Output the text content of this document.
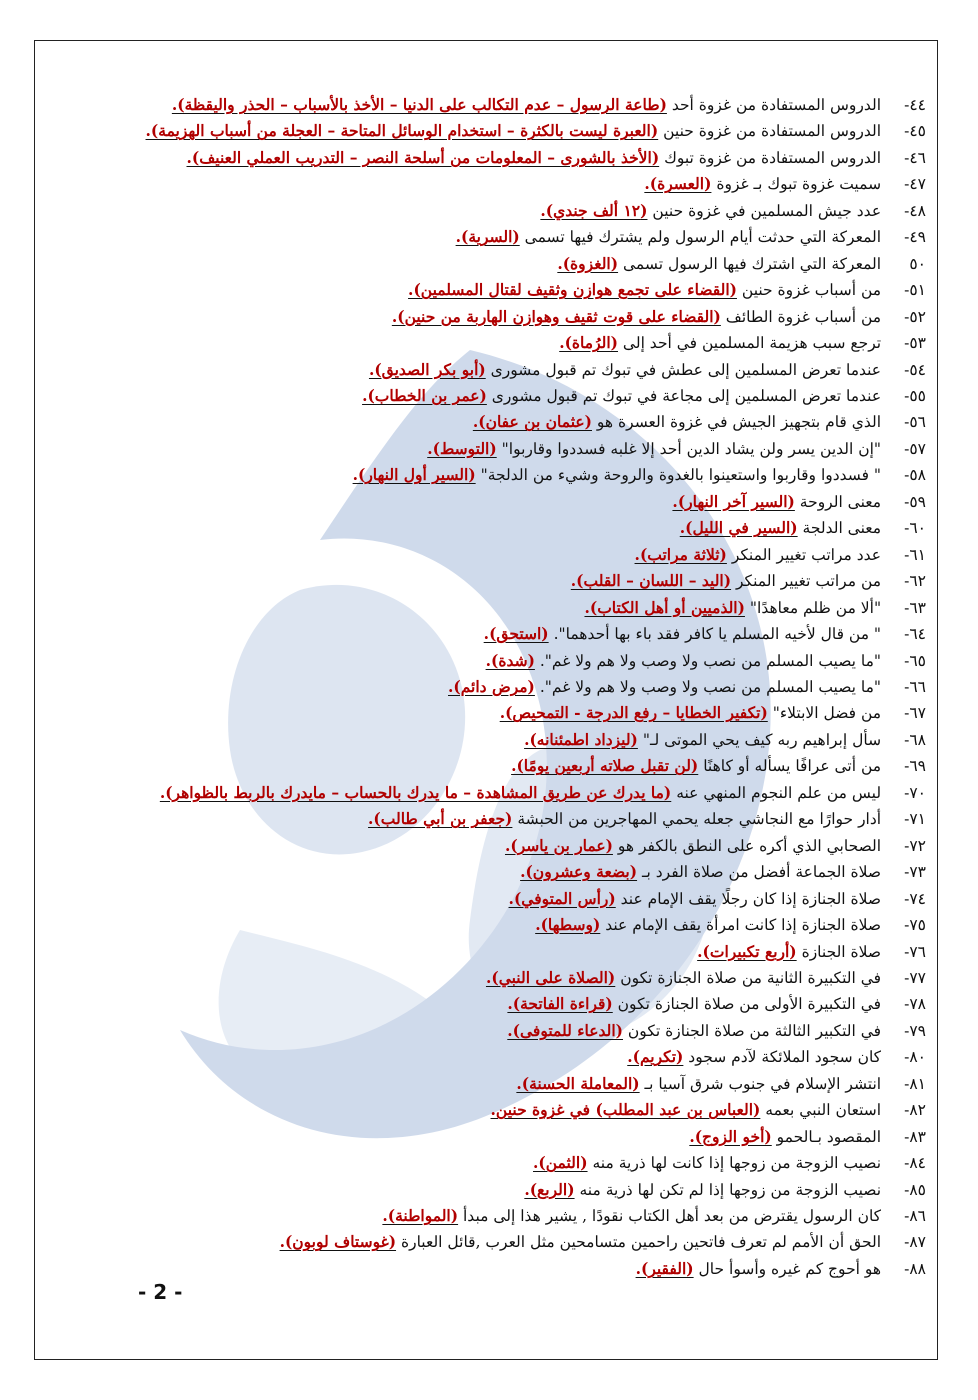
٤٤- الدروس المستفادة من غزوة أحد (طاعة الرسول – عدم التكالب على الدنيا – الأخذ بالأسباب – الحذر واليقظة).
٤٥- الدروس المستفادة من غزوة حنين (العبرة ليست بالكثرة – استخدام الوسائل المتاحة – العجلة من أسباب الهزيمة).
٤٦- الدروس المستفادة من غزوة تبوك (الأخذ بالشورى – المعلومات من أسلحة النصر – التدريب العملي العنيف).
٤٧- سميت غزوة تبوك بـ غزوة (العسرة).
٤٨- عدد جيش المسلمين في غزوة حنين (١٢ ألف جندي).
٤٩- المعركة التي حدثت أيام الرسول ولم يشترك فيها تسمى (السرية).
٥٠ المعركة التي اشترك فيها الرسول تسمى (الغزوة).
٥١- من أسباب غزوة حنين (القضاء على تجمع هوازن وثقيف لقتال المسلمين).
٥٢- من أسباب غزوة الطائف (القضاء على قوت ثقيف وهوازن الهاربة من حنين).
٥٣- ترجع سبب هزيمة المسلمين في أحد إلى (الرُماة).
٥٤- عندما تعرض المسلمين إلى عطش في تبوك تم قبول مشورى (أبو بكر الصديق).
٥٥- عندما تعرض المسلمين إلى مجاعة في تبوك تم قبول مشورى (عمر بن الخطاب).
٥٦- الذي قام بتجهيز الجيش في غزوة العسرة هو (عثمان بن عفان).
٥٧- "إن الدين يسر ولن يشاد الدين أحد إلا غلبه فسددوا وقاربوا" (التوسط).
٥٨- " فسددوا وقاربوا واستعينوا بالغدوة والروحة وشيء من الدلجة" (السير أول النهار).
٥٩- معنى الروحة (السير آخر النهار).
٦٠- معنى الدلجة (السير في الليل).
٦١- عدد مراتب تغيير المنكر (ثلاثة مراتب).
٦٢- من مراتب تغيير المنكر (اليد – اللسان – القلب).
٦٣- "ألا من ظلم معاهدًا" (الذميين أو أهل الكتاب).
٦٤- " من قال لأخيه المسلم يا كافر فقد باء بها أحدهما". (استحق).
٦٥- "ما يصيب المسلم من نصب ولا وصب ولا هم ولا غم". (شدة).
٦٦- "ما يصيب المسلم من نصب ولا وصب ولا هم ولا غم". (مرض دائم).
٦٧- من فضل الابتلاء" (تكفير الخطايا – رفع الدرجة - التمحيص).
٦٨- سأل إبراهيم ربه كيف يحي الموتى لـ" (ليزداد اطمئنانه).
٦٩- من أتى عرافًا يسأله أو كاهنًا (لن تقبل صلاته أربعين يومًا).
٧٠- ليس من علم النجوم المنهي عنه (ما يدرك عن طريق المشاهدة – ما يدرك بالحساب – مايدرك بالربط بالظواهر).
٧١- أدار حوارًا مع النجاشي جعله يحمي المهاجرين من الحبشة (جعفر بن أبي طالب).
٧٢- الصحابي الذي أكره على النطق بالكفر هو (عمار بن ياسر).
٧٣- صلاة الجماعة أفضل من صلاة الفرد بـ (بضعة وعشرون).
٧٤- صلاة الجنازة إذا كان رجلًا يقف الإمام عند (رأس المتوفي).
٧٥- صلاة الجنازة إذا كانت امرأة يقف الإمام عند (وسطها).
٧٦- صلاة الجنازة (أربع تكبيرات).
٧٧- في التكبيرة الثانية من صلاة الجنازة تكون (الصلاة على النبي).
٧٨- في التكبيرة الأولى من صلاة الجنازة تكون (قراءة الفاتحة).
٧٩- في التكبير الثالثة من صلاة الجنازة تكون (الدعاء للمتوفى).
٨٠- كان سجود الملائكة لآدم سجود (تكريم).
٨١- انتشر الإسلام في جنوب شرق آسيا بـ (المعاملة الحسنة).
٨٢- استعان النبي بعمه (العباس بن عبد المطلب) في غزوة حنين.
٨٣- المقصود بـالحمو (أخو الزوج).
٨٤- نصيب الزوجة من زوجها إذا كانت لها ذرية منه (الثمن).
٨٥- نصيب الزوجة من زوجها إذا لم تكن لها ذرية منه (الربع).
٨٦- كان الرسول يقترض من بعد أهل الكتاب نقودًا , يشير هذا إلى مبدأ (المواطنة).
٨٧- الحق أن الأمم لم تعرف فاتحين راحمين متسامحين مثل العرب ,قائل العبارة (غوستاف لوبون).
٨٨- هو أحوج كم غيره وأسوأ حال (الفقير).
- 2 -
